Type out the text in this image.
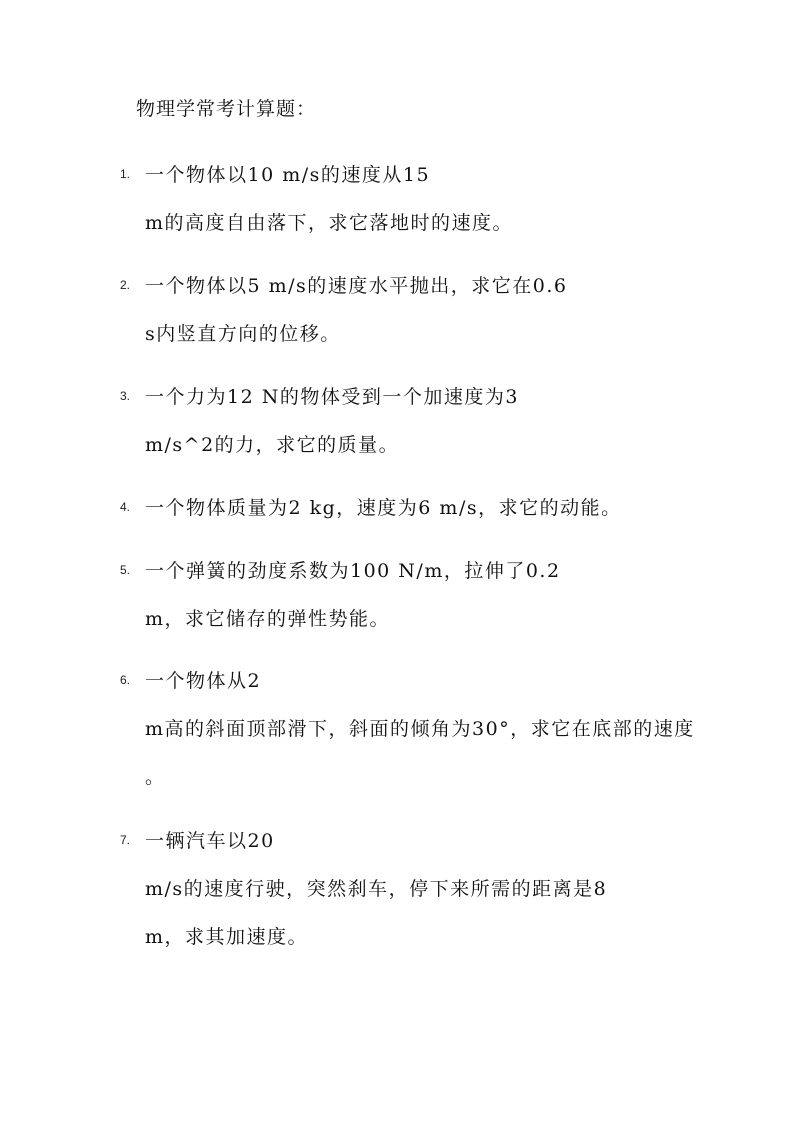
物理学常考计算题：
1. 一个物体以10 m/s的速度从15
m的高度自由落下，求它落地时的速度。
2. 一个物体以5 m/s的速度水平抛出，求它在0.6
s内竖直方向的位移。
3. 一个力为12 N的物体受到一个加速度为3
m/s^2的力，求它的质量。
4. 一个物体质量为2 kg，速度为6 m/s，求它的动能。
5. 一个弹簧的劲度系数为100 N/m，拉伸了0.2
m，求它储存的弹性势能。
6. 一个物体从2
m高的斜面顶部滑下，斜面的倾角为30°，求它在底部的速度
。
7. 一辆汽车以20
m/s的速度行驶，突然刹车，停下来所需的距离是8
m，求其加速度。
